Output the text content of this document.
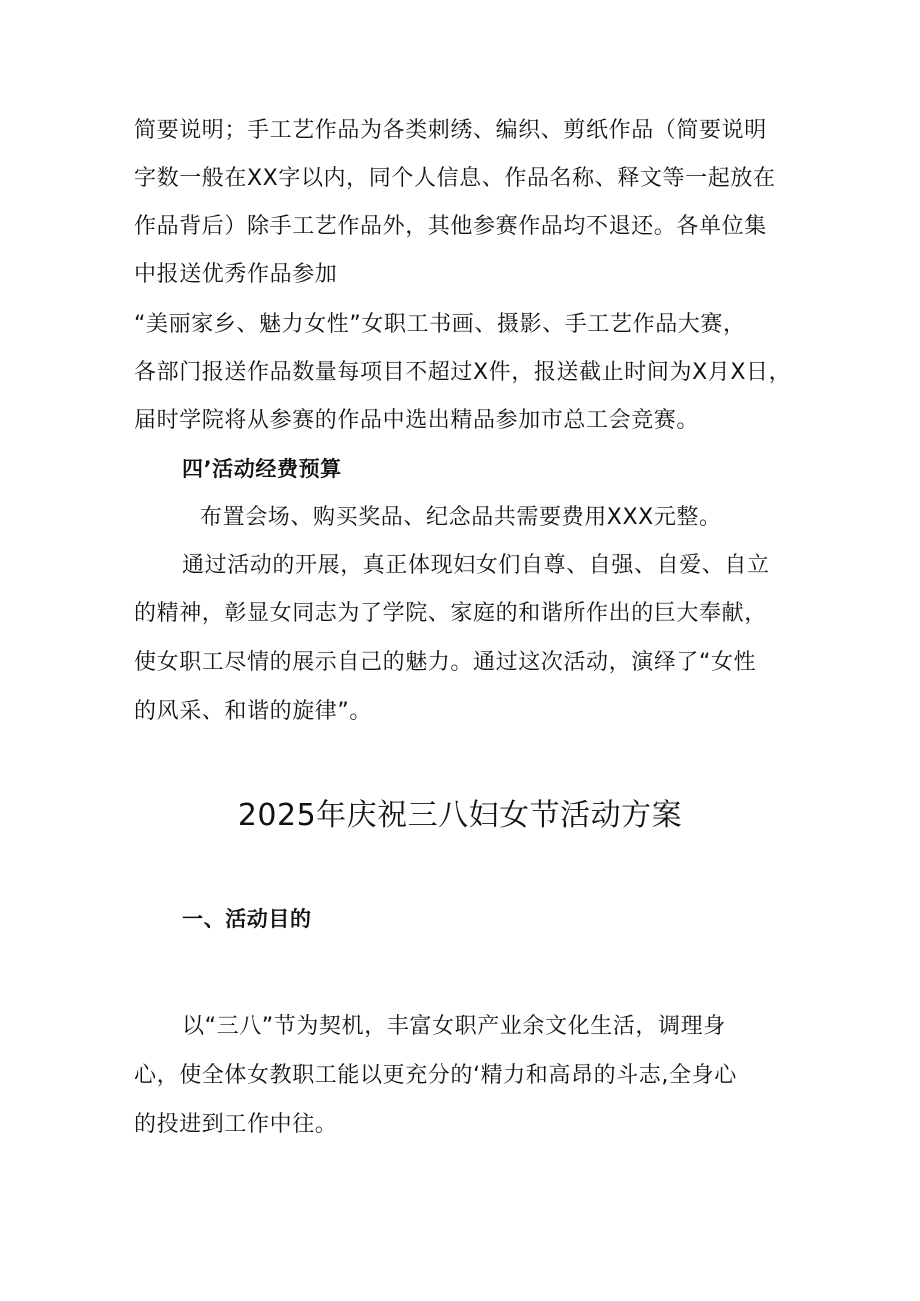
简要说明；手工艺作品为各类刺绣、编织、剪纸作品（简要说明
字数一般在XX字以内，同个人信息、作品名称、释文等一起放在
作品背后）除手工艺作品外，其他参赛作品均不退还。各单位集
中报送优秀作品参加
“美丽家乡、魅力女性”女职工书画、摄影、手工艺作品大赛，
各部门报送作品数量每项目不超过X件，报送截止时间为X月X日，
届时学院将从参赛的作品中选出精品参加市总工会竞赛。
四’活动经费预算
布置会场、购买奖品、纪念品共需要费用XXX元整。
通过活动的开展，真正体现妇女们自尊、自强、自爱、自立
的精神，彰显女同志为了学院、家庭的和谐所作出的巨大奉献，
使女职工尽情的展示自己的魅力。通过这次活动，演绎了“女性
的风采、和谐的旋律”。
2025年庆祝三八妇女节活动方案
一、活动目的
以“三八”节为契机，丰富女职产业余文化生活，调理身
心，使全体女教职工能以更充分的‘精力和高昂的斗志,全身心
的投进到工作中往。
